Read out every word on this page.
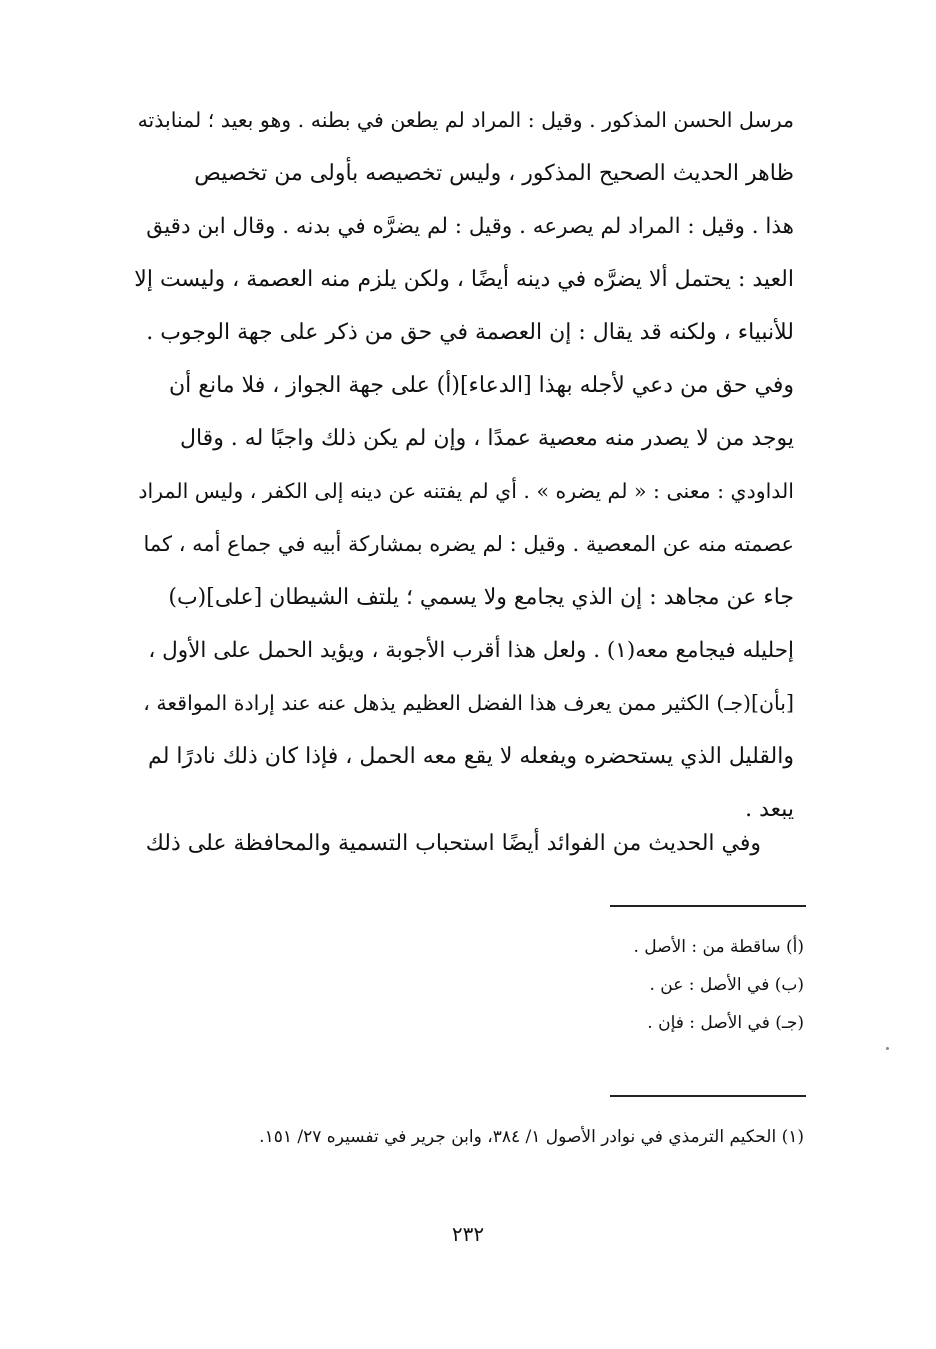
مرسل الحسن المذكور . وقيل : المراد لم يطعن في بطنه . وهو بعيد ؛ لمنابذته
ظاهر الحديث الصحيح المذكور ، وليس تخصيصه بأولى من تخصيص
هذا . وقيل : المراد لم يصرعه . وقيل : لم يضرَّه في بدنه . وقال ابن دقيق
العيد : يحتمل ألا يضرَّه في دينه أيضًا ، ولكن يلزم منه العصمة ، وليست إلا
للأنبياء ، ولكنه قد يقال : إن العصمة في حق من ذكر على جهة الوجوب .
وفي حق من دعي لأجله بهذا [الدعاء](أ) على جهة الجواز ، فلا مانع أن
يوجد من لا يصدر منه معصية عمدًا ، وإن لم يكن ذلك واجبًا له . وقال
الداودي : معنى : « لم يضره » . أي لم يفتنه عن دينه إلى الكفر ، وليس المراد
عصمته منه عن المعصية . وقيل : لم يضره بمشاركة أبيه في جماع أمه ، كما
جاء عن مجاهد : إن الذي يجامع ولا يسمي ؛ يلتف الشيطان [على](ب)
إحليله فيجامع معه(١) . ولعل هذا أقرب الأجوبة ، ويؤيد الحمل على الأول ،
[بأن](جـ) الكثير ممن يعرف هذا الفضل العظيم يذهل عنه عند إرادة المواقعة ،
والقليل الذي يستحضره ويفعله لا يقع معه الحمل ، فإذا كان ذلك نادرًا لم
يبعد .
وفي الحديث من الفوائد أيضًا استحباب التسمية والمحافظة على ذلك
(أ) ساقطة من : الأصل .
(ب) في الأصل : عن .
(جـ) في الأصل : فإن .
(١) الحكيم الترمذي في نوادر الأصول ١/ ٣٨٤، وابن جرير في تفسيره ٢٧/ ١٥١.
٢٣٢
